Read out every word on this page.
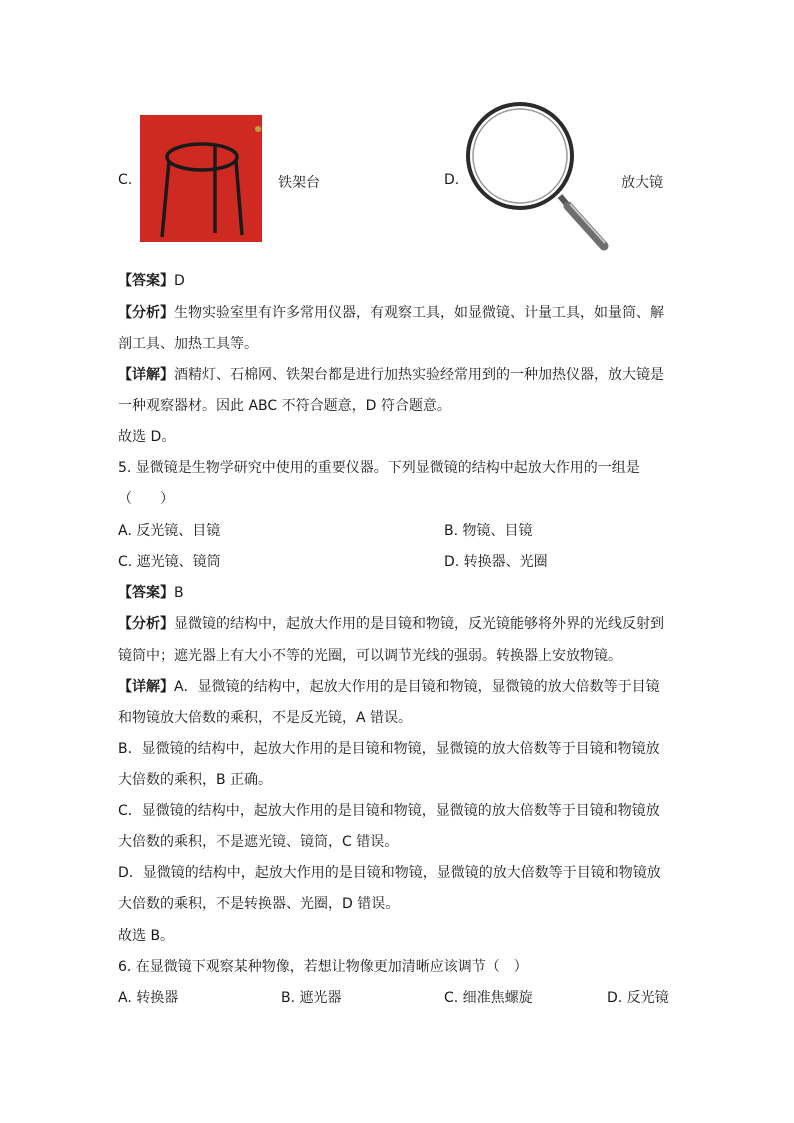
C.	铁架台	D.	放大镜
【答案】D
【分析】生物实验室里有许多常用仪器，有观察工具，如显微镜、计量工具，如量筒、解
剖工具、加热工具等。
【详解】酒精灯、石棉网、铁架台都是进行加热实验经常用到的一种加热仪器，放大镜是
一种观察器材。因此 ABC 不符合题意，D 符合题意。
故选 D。
5. 显微镜是生物学研究中使用的重要仪器。下列显微镜的结构中起放大作用的一组是
（　　）
A. 反光镜、目镜	B. 物镜、目镜
C. 遮光镜、镜筒	D. 转换器、光圈
【答案】B
【分析】显微镜的结构中，起放大作用的是目镜和物镜，反光镜能够将外界的光线反射到
镜筒中；遮光器上有大小不等的光圈，可以调节光线的强弱。转换器上安放物镜。
【详解】A．显微镜的结构中，起放大作用的是目镜和物镜，显微镜的放大倍数等于目镜
和物镜放大倍数的乘积，不是反光镜，A 错误。
B．显微镜的结构中，起放大作用的是目镜和物镜，显微镜的放大倍数等于目镜和物镜放
大倍数的乘积，B 正确。
C．显微镜的结构中，起放大作用的是目镜和物镜，显微镜的放大倍数等于目镜和物镜放
大倍数的乘积，不是遮光镜、镜筒，C 错误。
D．显微镜的结构中，起放大作用的是目镜和物镜，显微镜的放大倍数等于目镜和物镜放
大倍数的乘积，不是转换器、光圈，D 错误。
故选 B。
6. 在显微镜下观察某种物像，若想让物像更加清晰应该调节（　）
A. 转换器	B. 遮光器	C. 细准焦螺旋	D. 反光镜
